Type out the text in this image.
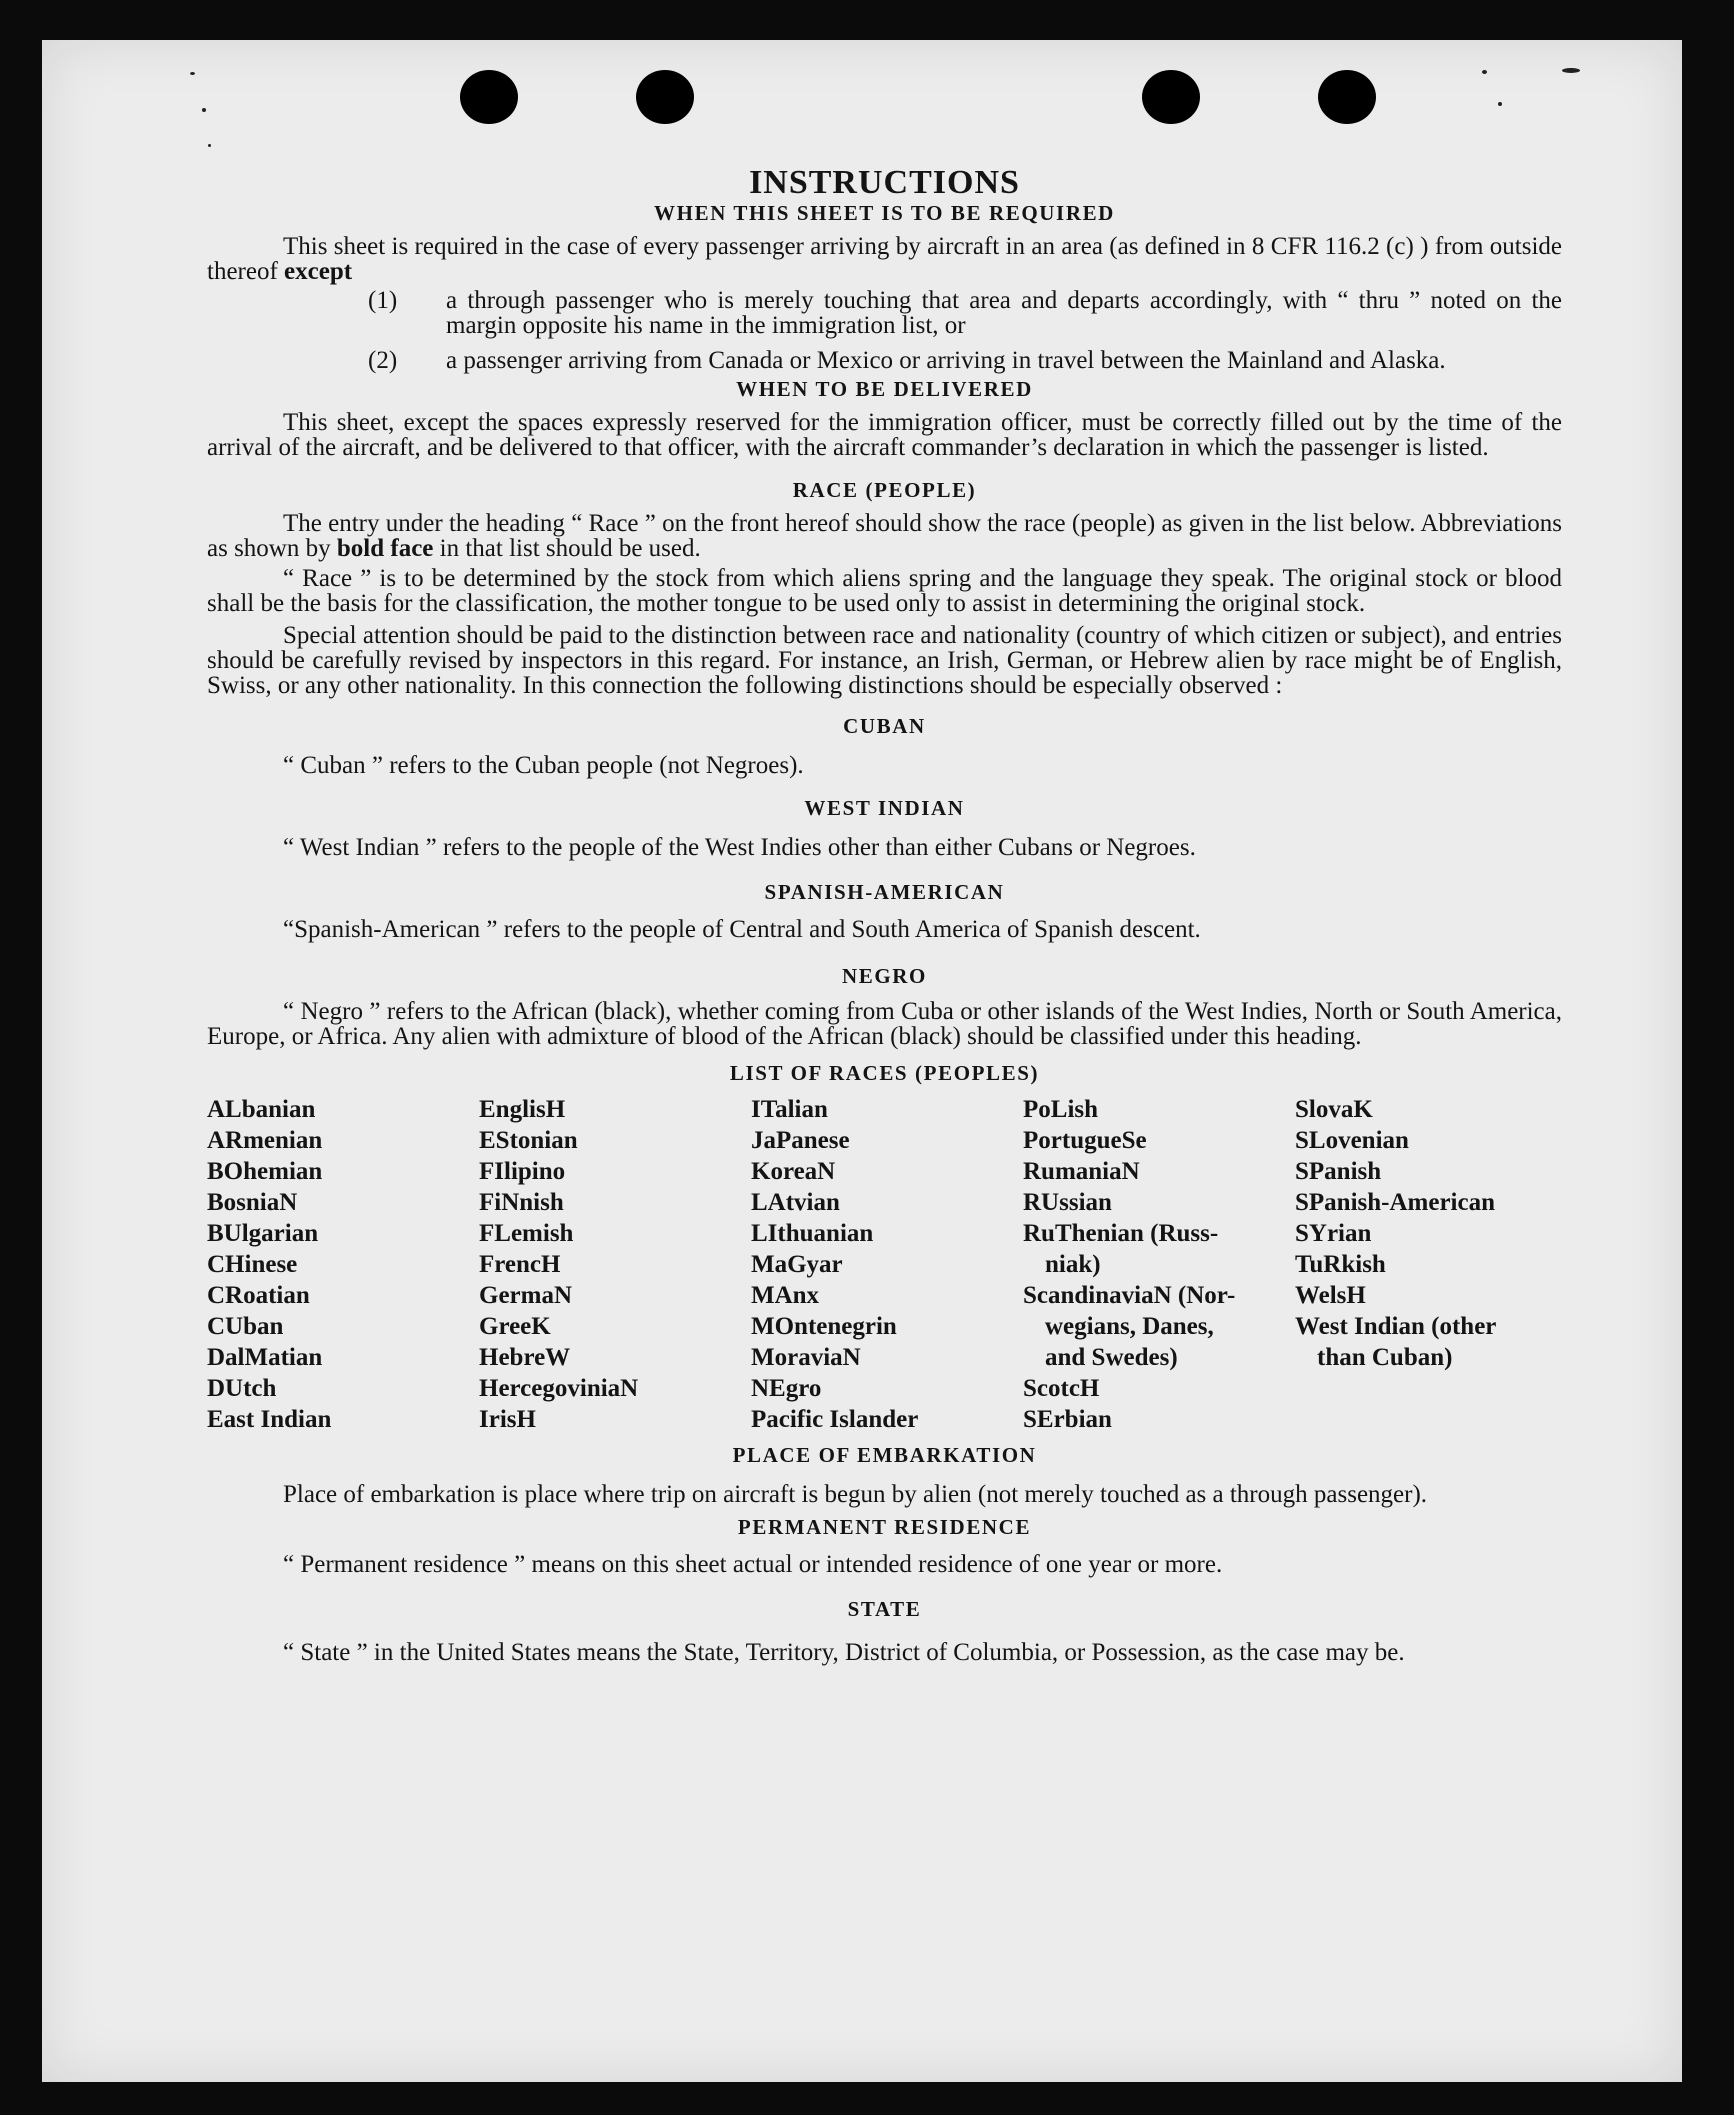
INSTRUCTIONS
WHEN THIS SHEET IS TO BE REQUIRED
This sheet is required in the case of every passenger arriving by aircraft in an area (as defined in 8 CFR 116.2 (c) ) from outside thereof except
(1) a through passenger who is merely touching that area and departs accordingly, with “ thru ” noted on the margin opposite his name in the immigration list, or
(2) a passenger arriving from Canada or Mexico or arriving in travel between the Mainland and Alaska.
WHEN TO BE DELIVERED
This sheet, except the spaces expressly reserved for the immigration officer, must be correctly filled out by the time of the arrival of the aircraft, and be delivered to that officer, with the aircraft commander’s declaration in which the passenger is listed.
RACE (PEOPLE)
The entry under the heading “ Race ” on the front hereof should show the race (people) as given in the list below. Abbreviations as shown by bold face in that list should be used.
“ Race ” is to be determined by the stock from which aliens spring and the language they speak. The original stock or blood shall be the basis for the classification, the mother tongue to be used only to assist in determining the original stock.
Special attention should be paid to the distinction between race and nationality (country of which citizen or subject), and entries should be carefully revised by inspectors in this regard. For instance, an Irish, German, or Hebrew alien by race might be of English, Swiss, or any other nationality. In this connection the following distinctions should be especially observed :
CUBAN
“ Cuban ” refers to the Cuban people (not Negroes).
WEST INDIAN
“ West Indian ” refers to the people of the West Indies other than either Cubans or Negroes.
SPANISH-AMERICAN
“Spanish-American ” refers to the people of Central and South America of Spanish descent.
NEGRO
“ Negro ” refers to the African (black), whether coming from Cuba or other islands of the West Indies, North or South America, Europe, or Africa. Any alien with admixture of blood of the African (black) should be classified under this heading.
LIST OF RACES (PEOPLES)
ALbanian
ARmenian
BOhemian
BosniaN
BUlgarian
CHinese
CRoatian
CUban
DalMatian
DUtch
East Indian
EnglisH
EStonian
FIlipino
FiNnish
FLemish
FrencH
GermaN
GreeK
HebreW
HercegoviniaN
IrisH
ITalian
JaPanese
KoreaN
LAtvian
LIthuanian
MaGyar
MAnx
MOntenegrin
MoraviaN
NEgro
Pacific Islander
PoLish
PortugueSe
RumaniaN
RUssian
RuThenian (Russ-
niak)
ScandinaviaN (Nor-
wegians, Danes,
and Swedes)
ScotcH
SErbian
SlovaK
SLovenian
SPanish
SPanish-American
SYrian
TuRkish
WelsH
West Indian (other
than Cuban)
PLACE OF EMBARKATION
Place of embarkation is place where trip on aircraft is begun by alien (not merely touched as a through passenger).
PERMANENT RESIDENCE
“ Permanent residence ” means on this sheet actual or intended residence of one year or more.
STATE
“ State ” in the United States means the State, Territory, District of Columbia, or Possession, as the case may be.
